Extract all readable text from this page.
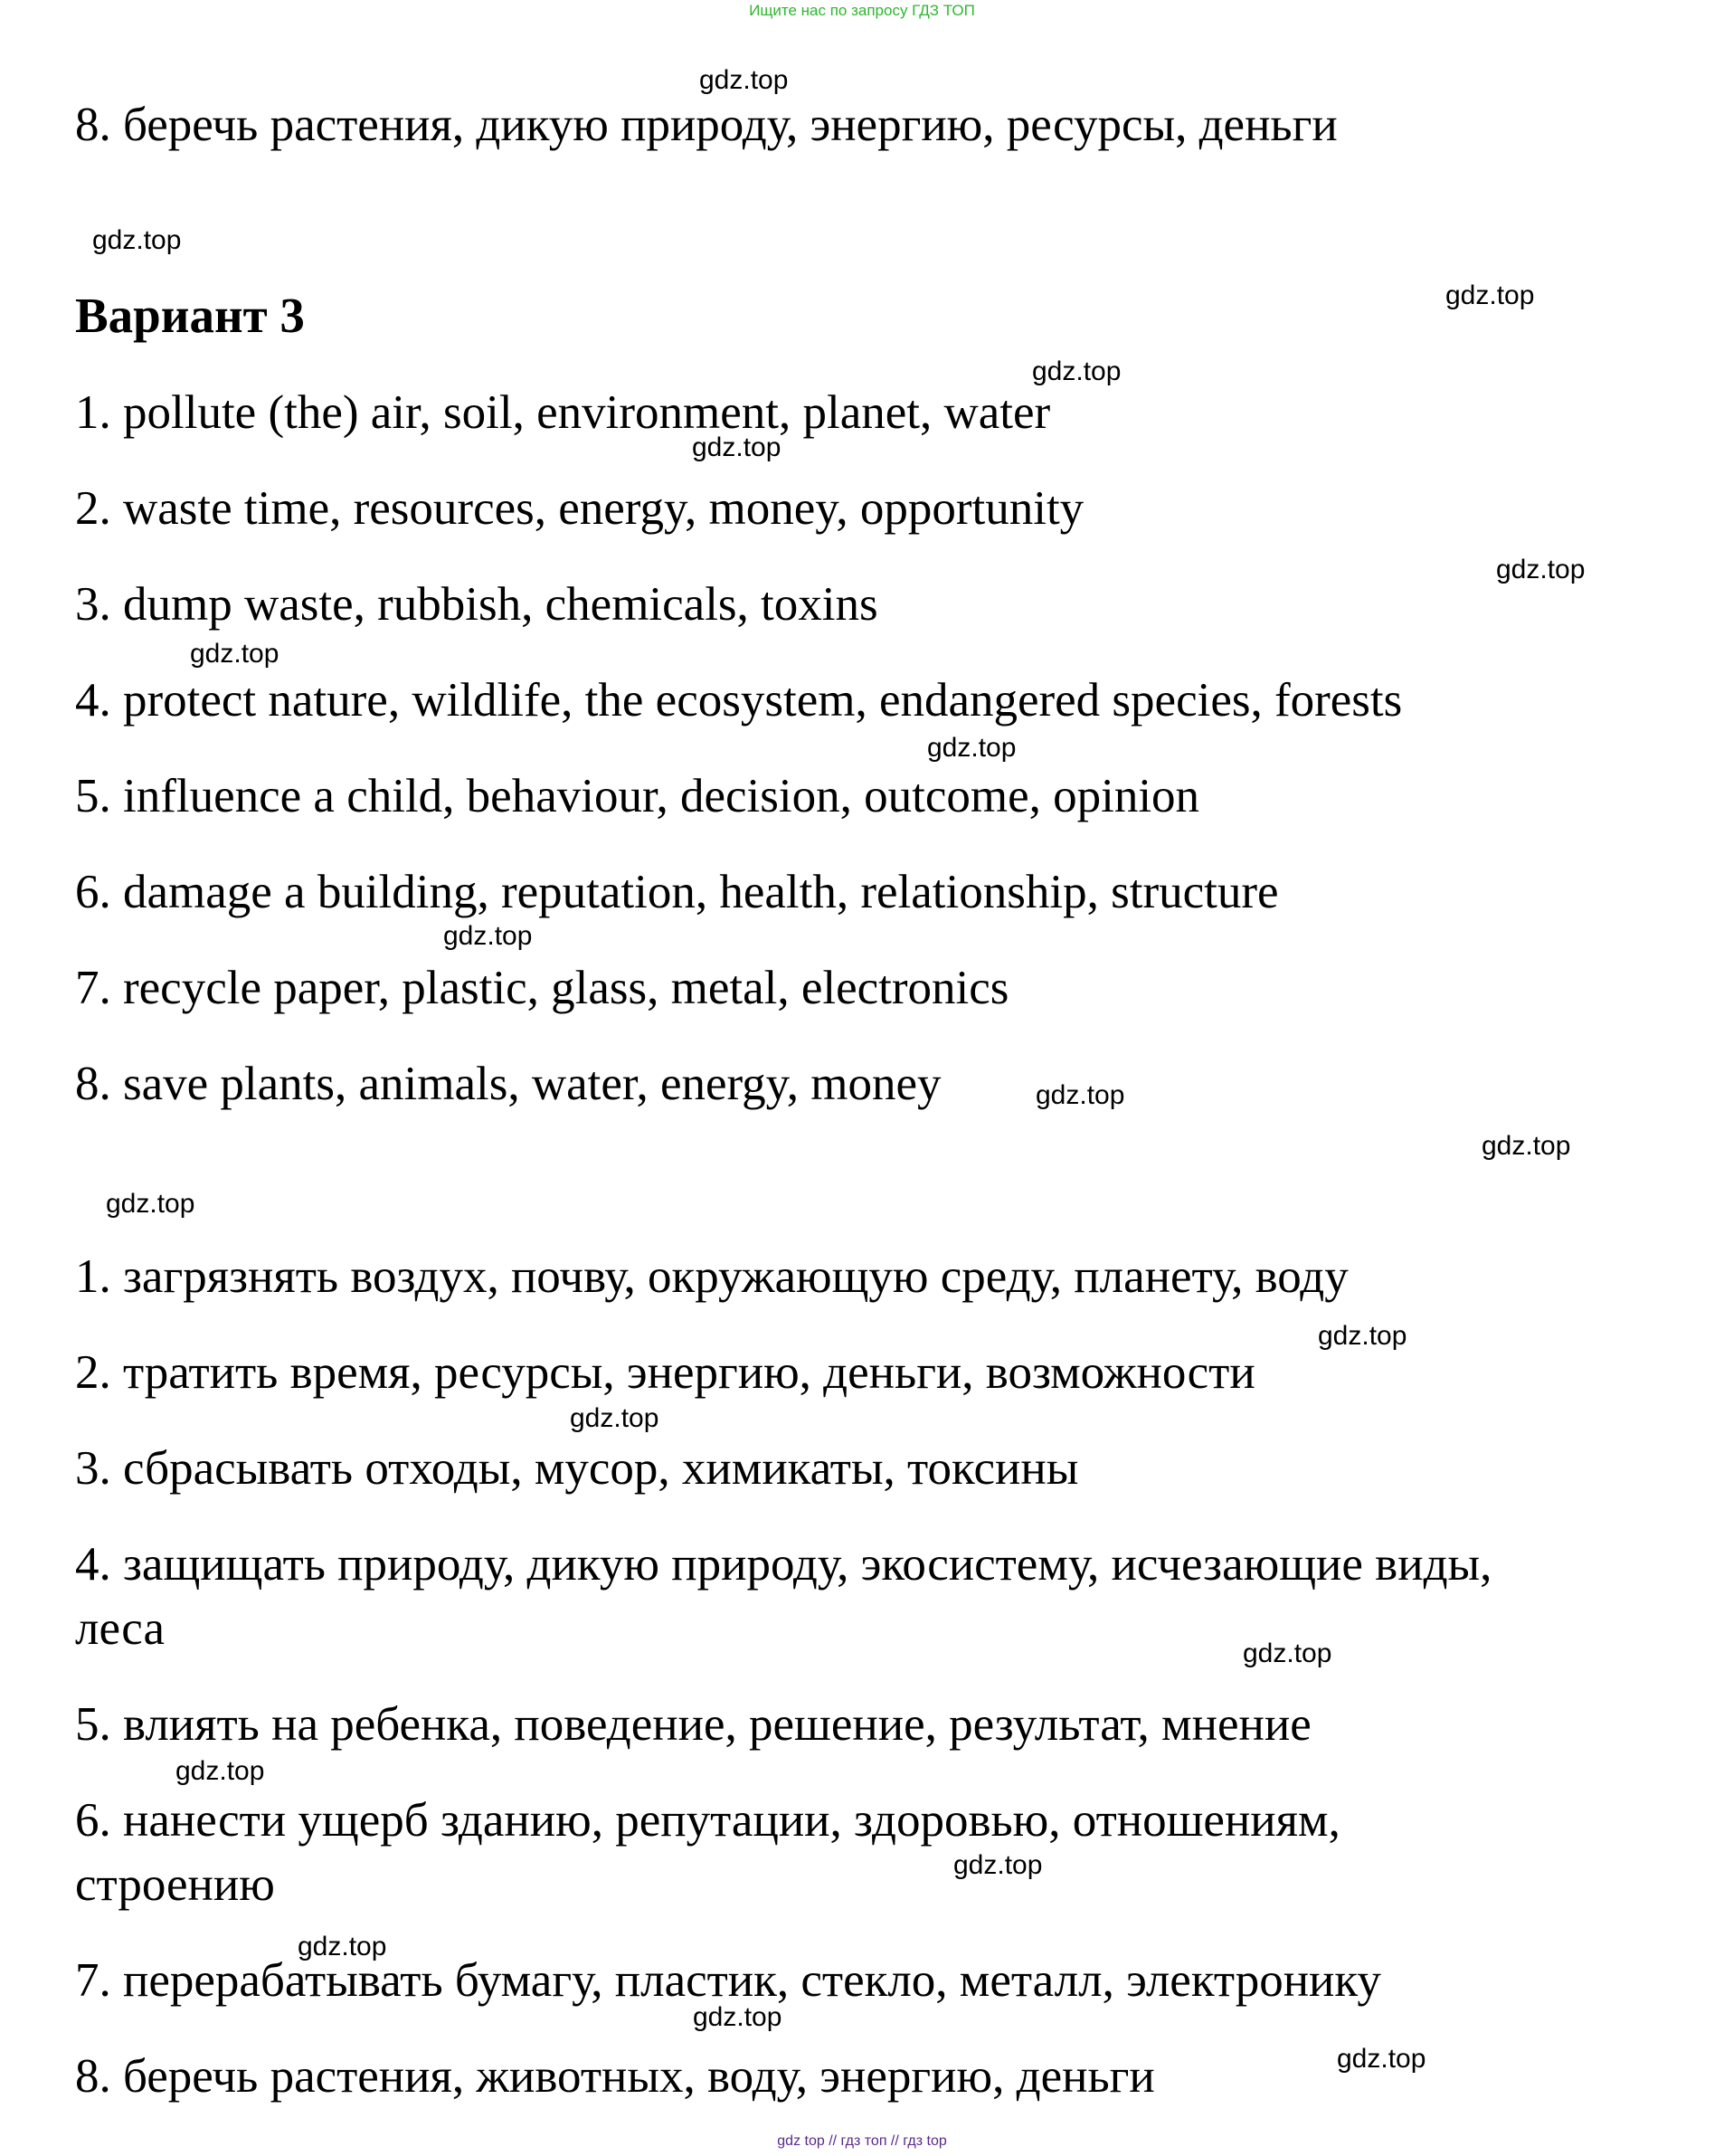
Ищите нас по запросу ГДЗ ТОП
8. беречь растения, дикую природу, энергию, ресурсы, деньги
Вариант 3
1. pollute (the) air, soil, environment, planet, water
2. waste time, resources, energy, money, opportunity
3. dump waste, rubbish, chemicals, toxins
4. protect nature, wildlife, the ecosystem, endangered species, forests
5. influence a child, behaviour, decision, outcome, opinion
6. damage a building, reputation, health, relationship, structure
7. recycle paper, plastic, glass, metal, electronics
8. save plants, animals, water, energy, money
1. загрязнять воздух, почву, окружающую среду, планету, воду
2. тратить время, ресурсы, энергию, деньги, возможности
3. сбрасывать отходы, мусор, химикаты, токсины
4. защищать природу, дикую природу, экосистему, исчезающие виды,
леса
5. влиять на ребенка, поведение, решение, результат, мнение
6. нанести ущерб зданию, репутации, здоровью, отношениям,
строению
7. перерабатывать бумагу, пластик, стекло, металл, электронику
8. беречь растения, животных, воду, энергию, деньги
gdz.top
gdz.top
gdz.top
gdz.top
gdz.top
gdz.top
gdz.top
gdz.top
gdz.top
gdz.top
gdz.top
gdz.top
gdz.top
gdz.top
gdz.top
gdz.top
gdz.top
gdz.top
gdz.top
gdz.top
gdz top // гдз топ // гдз top
